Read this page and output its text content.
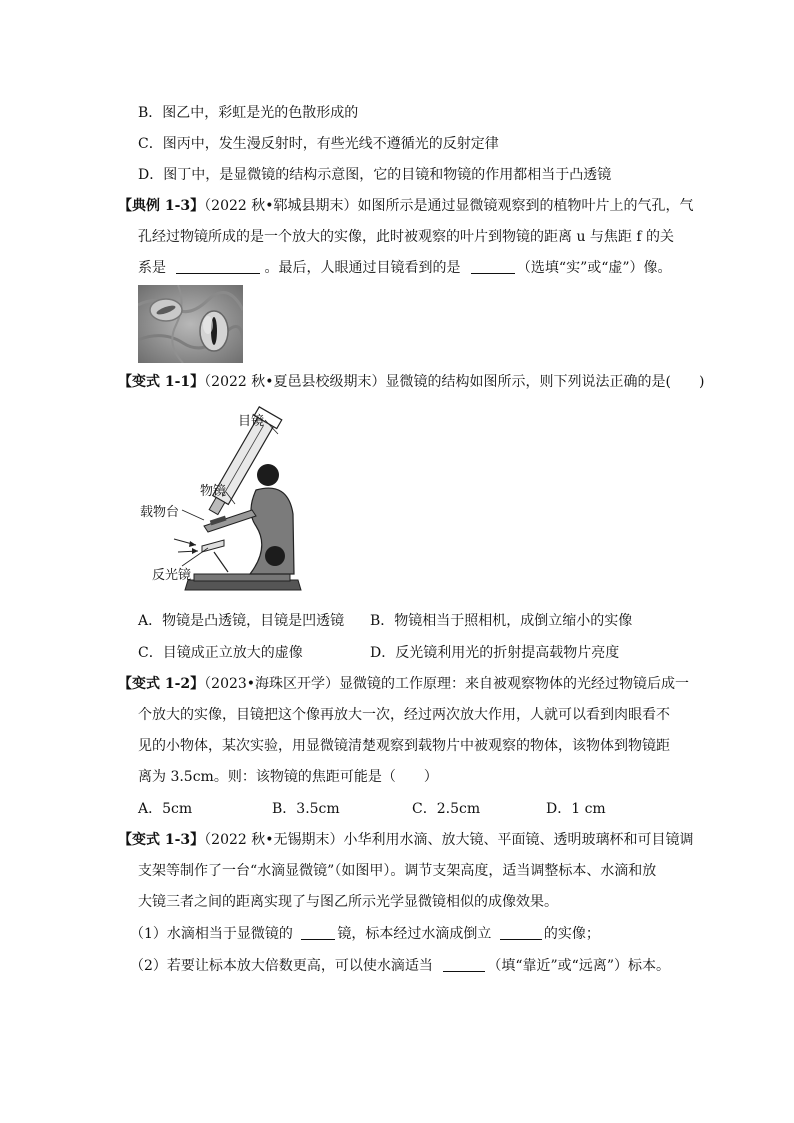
B．图乙中，彩虹是光的色散形成的
C．图丙中，发生漫反射时，有些光线不遵循光的反射定律
D．图丁中，是显微镜的结构示意图，它的目镜和物镜的作用都相当于凸透镜
【典例 1-3】（2022 秋•郓城县期末）如图所示是通过显微镜观察到的植物叶片上的气孔，气
孔经过物镜所成的是一个放大的实像，此时被观察的叶片到物镜的距离 u 与焦距 f 的关
系是	。最后，人眼通过目镜看到的是	（选填“实”或“虚”）像。
【变式 1-1】（2022 秋•夏邑县校级期末）显微镜的结构如图所示，则下列说法正确的是(　　)
目镜
物镜
载物台
反光镜
A．物镜是凸透镜，目镜是凹透镜 B．物镜相当于照相机，成倒立缩小的实像
C．目镜成正立放大的虚像	D．反光镜利用光的折射提高载物片亮度
【变式 1-2】（2023•海珠区开学）显微镜的工作原理：来自被观察物体的光经过物镜后成一
个放大的实像，目镜把这个像再放大一次，经过两次放大作用，人就可以看到肉眼看不
见的小物体，某次实验，用显微镜清楚观察到载物片中被观察的物体，该物体到物镜距
离为 3.5cm。则：该物镜的焦距可能是（　　）
A．5cm	B．3.5cm	C．2.5cm	D．1 cm
【变式 1-3】（2022 秋•无锡期末）小华利用水滴、放大镜、平面镜、透明玻璃杯和可目镜调
支架等制作了一台“水滴显微镜”（如图甲）。调节支架高度，适当调整标本、水滴和放
大镜三者之间的距离实现了与图乙所示光学显微镜相似的成像效果。
（1）水滴相当于显微镜的	镜，标本经过水滴成倒立	的实像；
（2）若要让标本放大倍数更高，可以使水滴适当	（填“靠近”或“远离”）标本。
